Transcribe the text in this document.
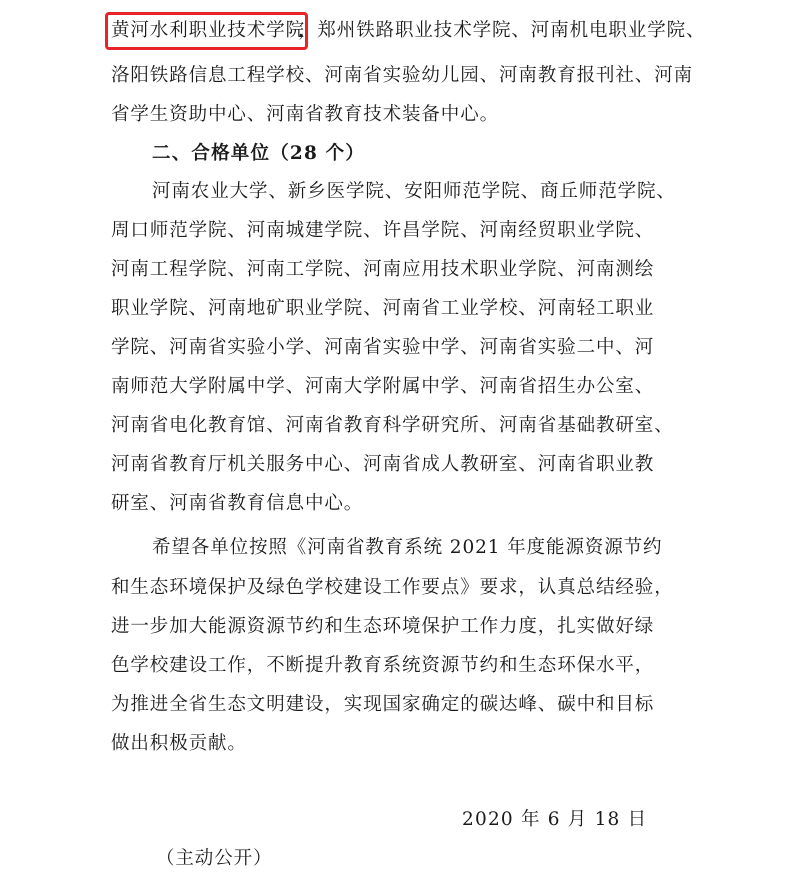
黄河水利职业技术学院
，郑州铁路职业技术学院、河南机电职业学院、
洛阳铁路信息工程学校、河南省实验幼儿园、河南教育报刊社、河南
省学生资助中心、河南省教育技术装备中心。
二、合格单位（28 个）
河南农业大学、新乡医学院、安阳师范学院、商丘师范学院、
周口师范学院、河南城建学院、许昌学院、河南经贸职业学院、
河南工程学院、河南工学院、河南应用技术职业学院、河南测绘
职业学院、河南地矿职业学院、河南省工业学校、河南轻工职业
学院、河南省实验小学、河南省实验中学、河南省实验二中、河
南师范大学附属中学、河南大学附属中学、河南省招生办公室、
河南省电化教育馆、河南省教育科学研究所、河南省基础教研室、
河南省教育厅机关服务中心、河南省成人教研室、河南省职业教
研室、河南省教育信息中心。
希望各单位按照《河南省教育系统 2021 年度能源资源节约
和生态环境保护及绿色学校建设工作要点》要求，认真总结经验，
进一步加大能源资源节约和生态环境保护工作力度，扎实做好绿
色学校建设工作，不断提升教育系统资源节约和生态环保水平，
为推进全省生态文明建设，实现国家确定的碳达峰、碳中和目标
做出积极贡献。
2020 年 6 月 18 日
（主动公开）
